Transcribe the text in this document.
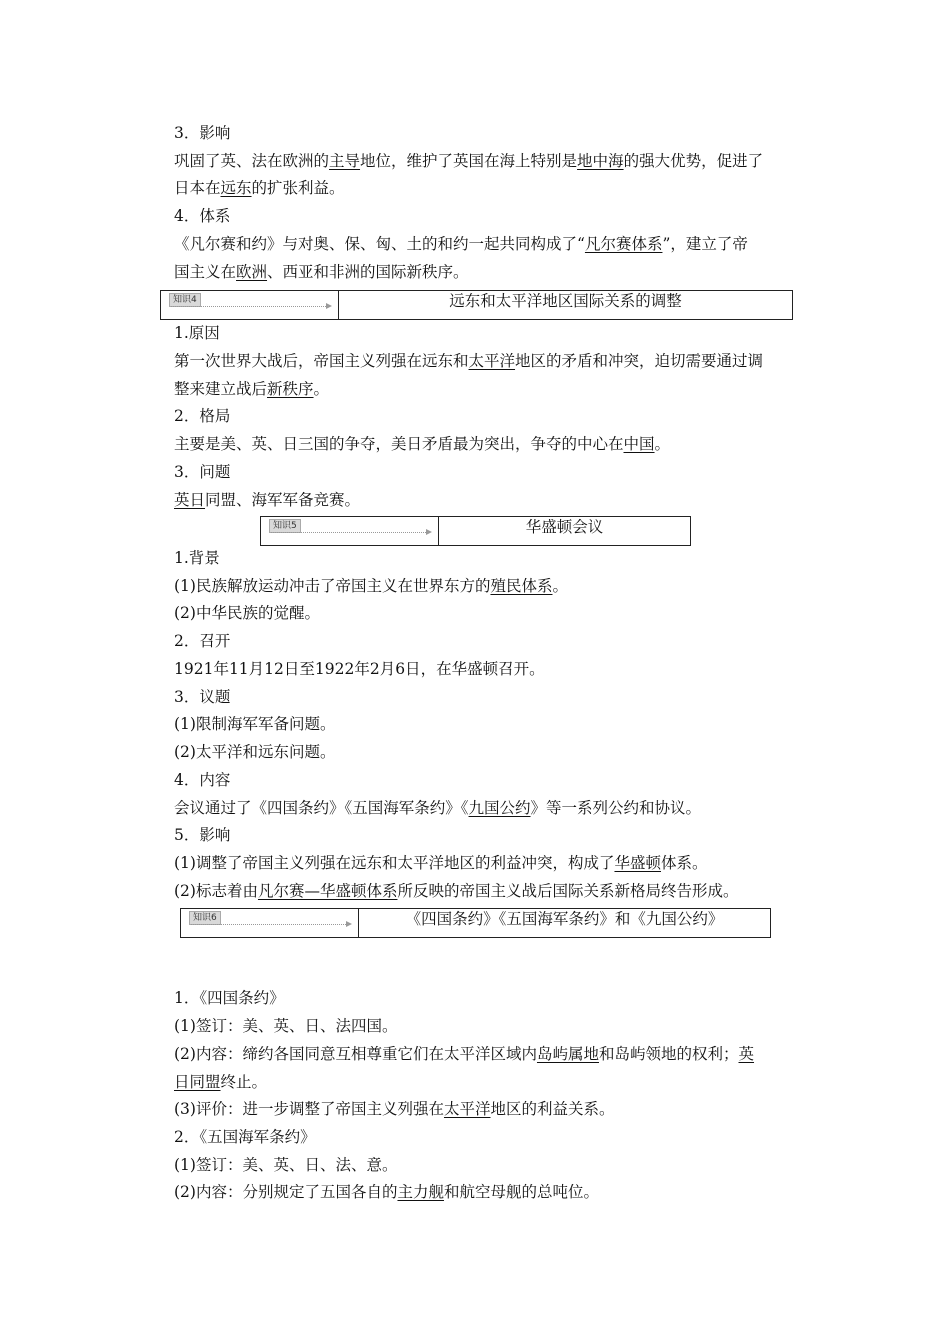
3．影响
巩固了英、法在欧洲的主导地位，维护了英国在海上特别是地中海的强大优势，促进了
日本在远东的扩张利益。
4．体系
《凡尔赛和约》与对奥、保、匈、土的和约一起共同构成了“凡尔赛体系”，建立了帝
国主义在欧洲、西亚和非洲的国际新秩序。
知识4	远东和太平洋地区国际关系的调整
1.原因
第一次世界大战后，帝国主义列强在远东和太平洋地区的矛盾和冲突，迫切需要通过调
整来建立战后新秩序。
2．格局
主要是美、英、日三国的争夺，美日矛盾最为突出，争夺的中心在中国。
3．问题
英日同盟、海军军备竞赛。
知识5	华盛顿会议
1.背景
(1)民族解放运动冲击了帝国主义在世界东方的殖民体系。
(2)中华民族的觉醒。
2．召开
1921年11月12日至1922年2月6日，在华盛顿召开。
3．议题
(1)限制海军军备问题。
(2)太平洋和远东问题。
4．内容
会议通过了《四国条约》《五国海军条约》《九国公约》等一系列公约和协议。
5．影响
(1)调整了帝国主义列强在远东和太平洋地区的利益冲突，构成了华盛顿体系。
(2)标志着由凡尔赛—华盛顿体系所反映的帝国主义战后国际关系新格局终告形成。
知识6	《四国条约》《五国海军条约》和《九国公约》
1．《四国条约》
(1)签订：美、英、日、法四国。
(2)内容：缔约各国同意互相尊重它们在太平洋区域内岛屿属地和岛屿领地的权利；英
日同盟终止。
(3)评价：进一步调整了帝国主义列强在太平洋地区的利益关系。
2．《五国海军条约》
(1)签订：美、英、日、法、意。
(2)内容：分别规定了五国各自的主力舰和航空母舰的总吨位。
